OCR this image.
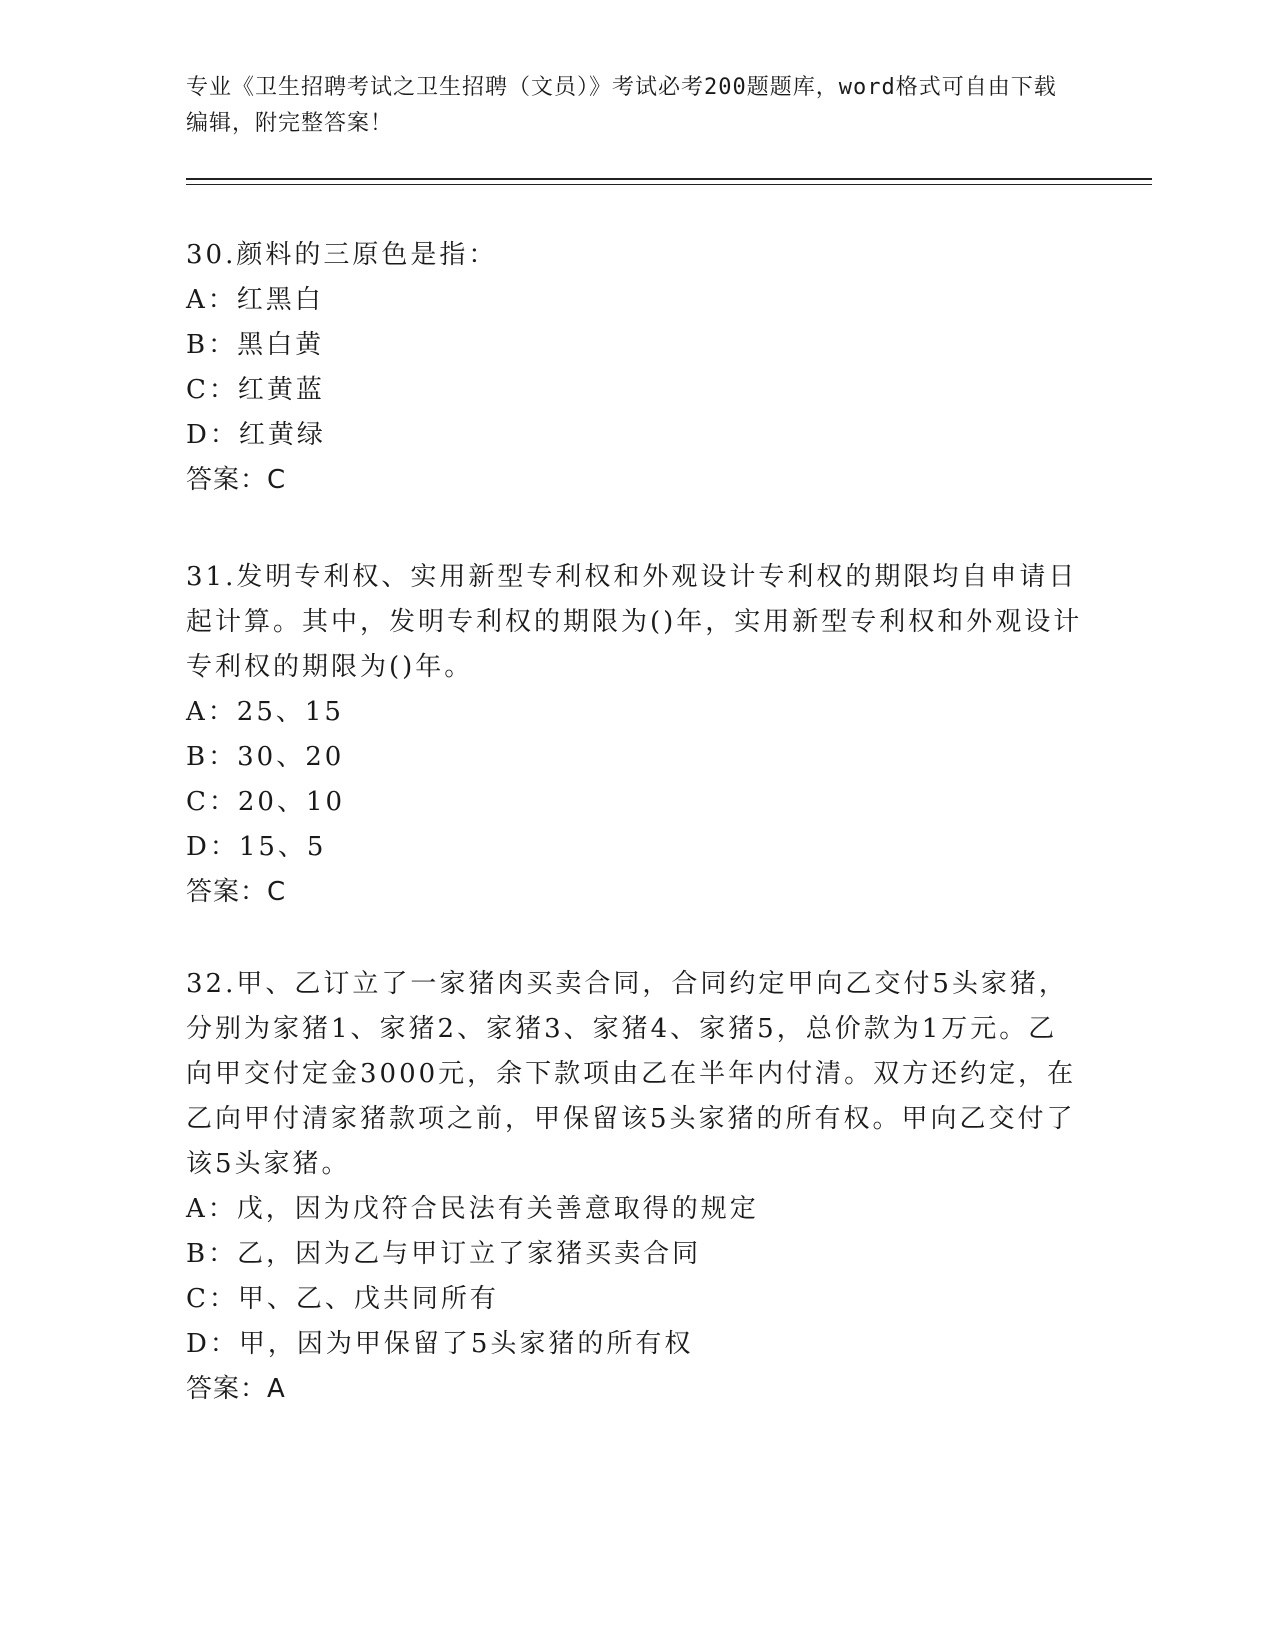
专业《卫生招聘考试之卫生招聘（文员）》考试必考200题题库，word格式可自由下载编辑，附完整答案！
30.颜料的三原色是指：
A：红黑白
B：黑白黄
C：红黄蓝
D：红黄绿
答案：C
31.发明专利权、实用新型专利权和外观设计专利权的期限均自申请日起计算。其中，发明专利权的期限为()年，实用新型专利权和外观设计专利权的期限为()年。
A：25、15
B：30、20
C：20、10
D：15、5
答案：C
32.甲、乙订立了一家猪肉买卖合同，合同约定甲向乙交付5头家猪，分别为家猪1、家猪2、家猪3、家猪4、家猪5，总价款为1万元。乙向甲交付定金3000元，余下款项由乙在半年内付清。双方还约定，在乙向甲付清家猪款项之前，甲保留该5头家猪的所有权。甲向乙交付了该5头家猪。
A：戊，因为戊符合民法有关善意取得的规定
B：乙，因为乙与甲订立了家猪买卖合同
C：甲、乙、戊共同所有
D：甲，因为甲保留了5头家猪的所有权
答案：A
